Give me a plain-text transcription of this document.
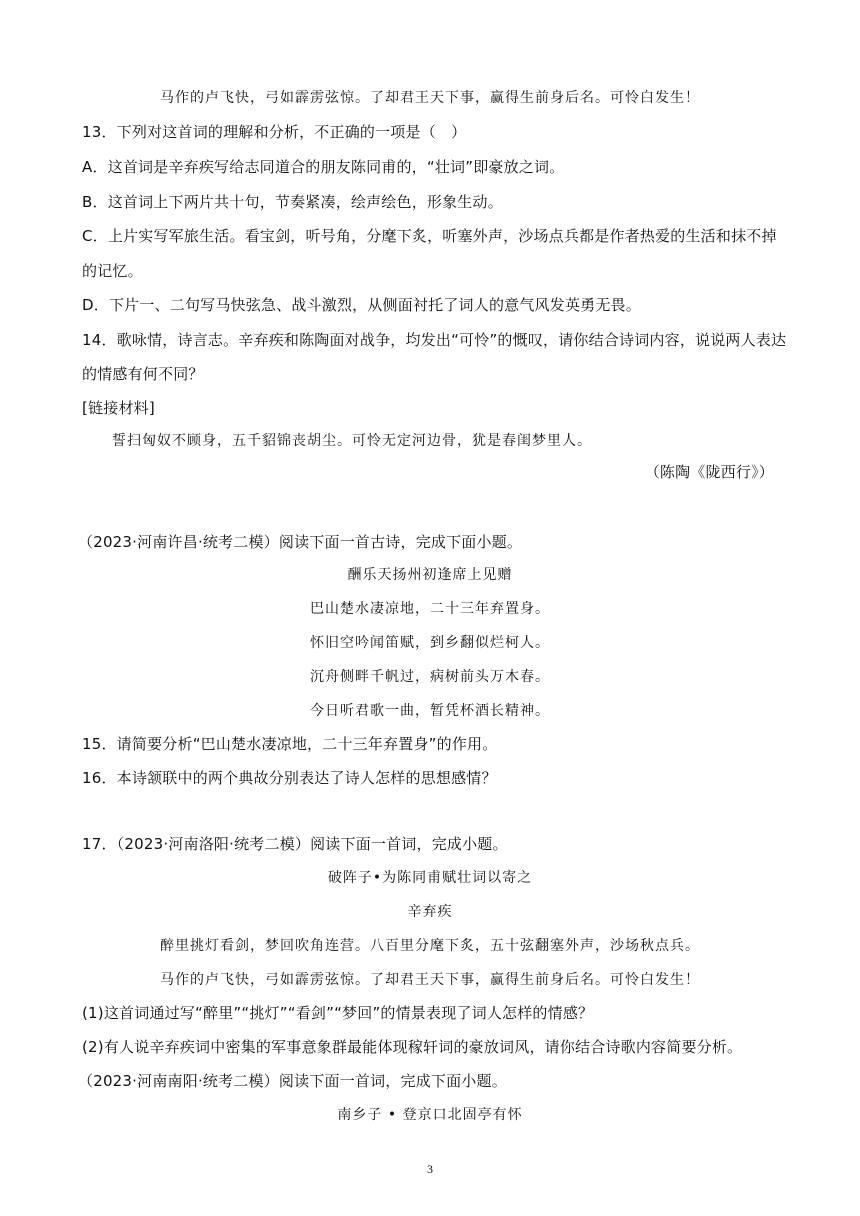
马作的卢飞快，弓如霹雳弦惊。了却君王天下事，赢得生前身后名。可怜白发生！
13．下列对这首词的理解和分析，不正确的一项是（　）
A．这首词是辛弃疾写给志同道合的朋友陈同甫的，“壮词”即豪放之词。
B．这首词上下两片共十句，节奏紧凑，绘声绘色，形象生动。
C．上片实写军旅生活。看宝剑，听号角，分麾下炙，听塞外声，沙场点兵都是作者热爱的生活和抹不掉
的记忆。
D．下片一、二句写马快弦急、战斗激烈，从侧面衬托了词人的意气风发英勇无畏。
14．歌咏情，诗言志。辛弃疾和陈陶面对战争，均发出“可怜”的慨叹，请你结合诗词内容，说说两人表达
的情感有何不同？
[链接材料]
誓扫匈奴不顾身，五千貂锦丧胡尘。可怜无定河边骨，犹是春闺梦里人。
（陈陶《陇西行》）
（2023·河南许昌·统考二模）阅读下面一首古诗，完成下面小题。
酬乐天扬州初逢席上见赠
巴山楚水凄凉地，二十三年弃置身。
怀旧空吟闻笛赋，到乡翻似烂柯人。
沉舟侧畔千帆过，病树前头万木春。
今日听君歌一曲，暂凭杯酒长精神。
15．请简要分析“巴山楚水凄凉地，二十三年弃置身”的作用。
16．本诗颔联中的两个典故分别表达了诗人怎样的思想感情？
17．（2023·河南洛阳·统考二模）阅读下面一首词，完成小题。
破阵子•为陈同甫赋壮词以寄之
辛弃疾
醉里挑灯看剑，梦回吹角连营。八百里分麾下炙，五十弦翻塞外声，沙场秋点兵。
马作的卢飞快，弓如霹雳弦惊。了却君王天下事，赢得生前身后名。可怜白发生！
(1)这首词通过写“醉里”“挑灯”“看剑”“梦回”的情景表现了词人怎样的情感？
(2)有人说辛弃疾词中密集的军事意象群最能体现稼轩词的豪放词风，请你结合诗歌内容简要分析。
（2023·河南南阳·统考二模）阅读下面一首词，完成下面小题。
南乡子 • 登京口北固亭有怀
3
